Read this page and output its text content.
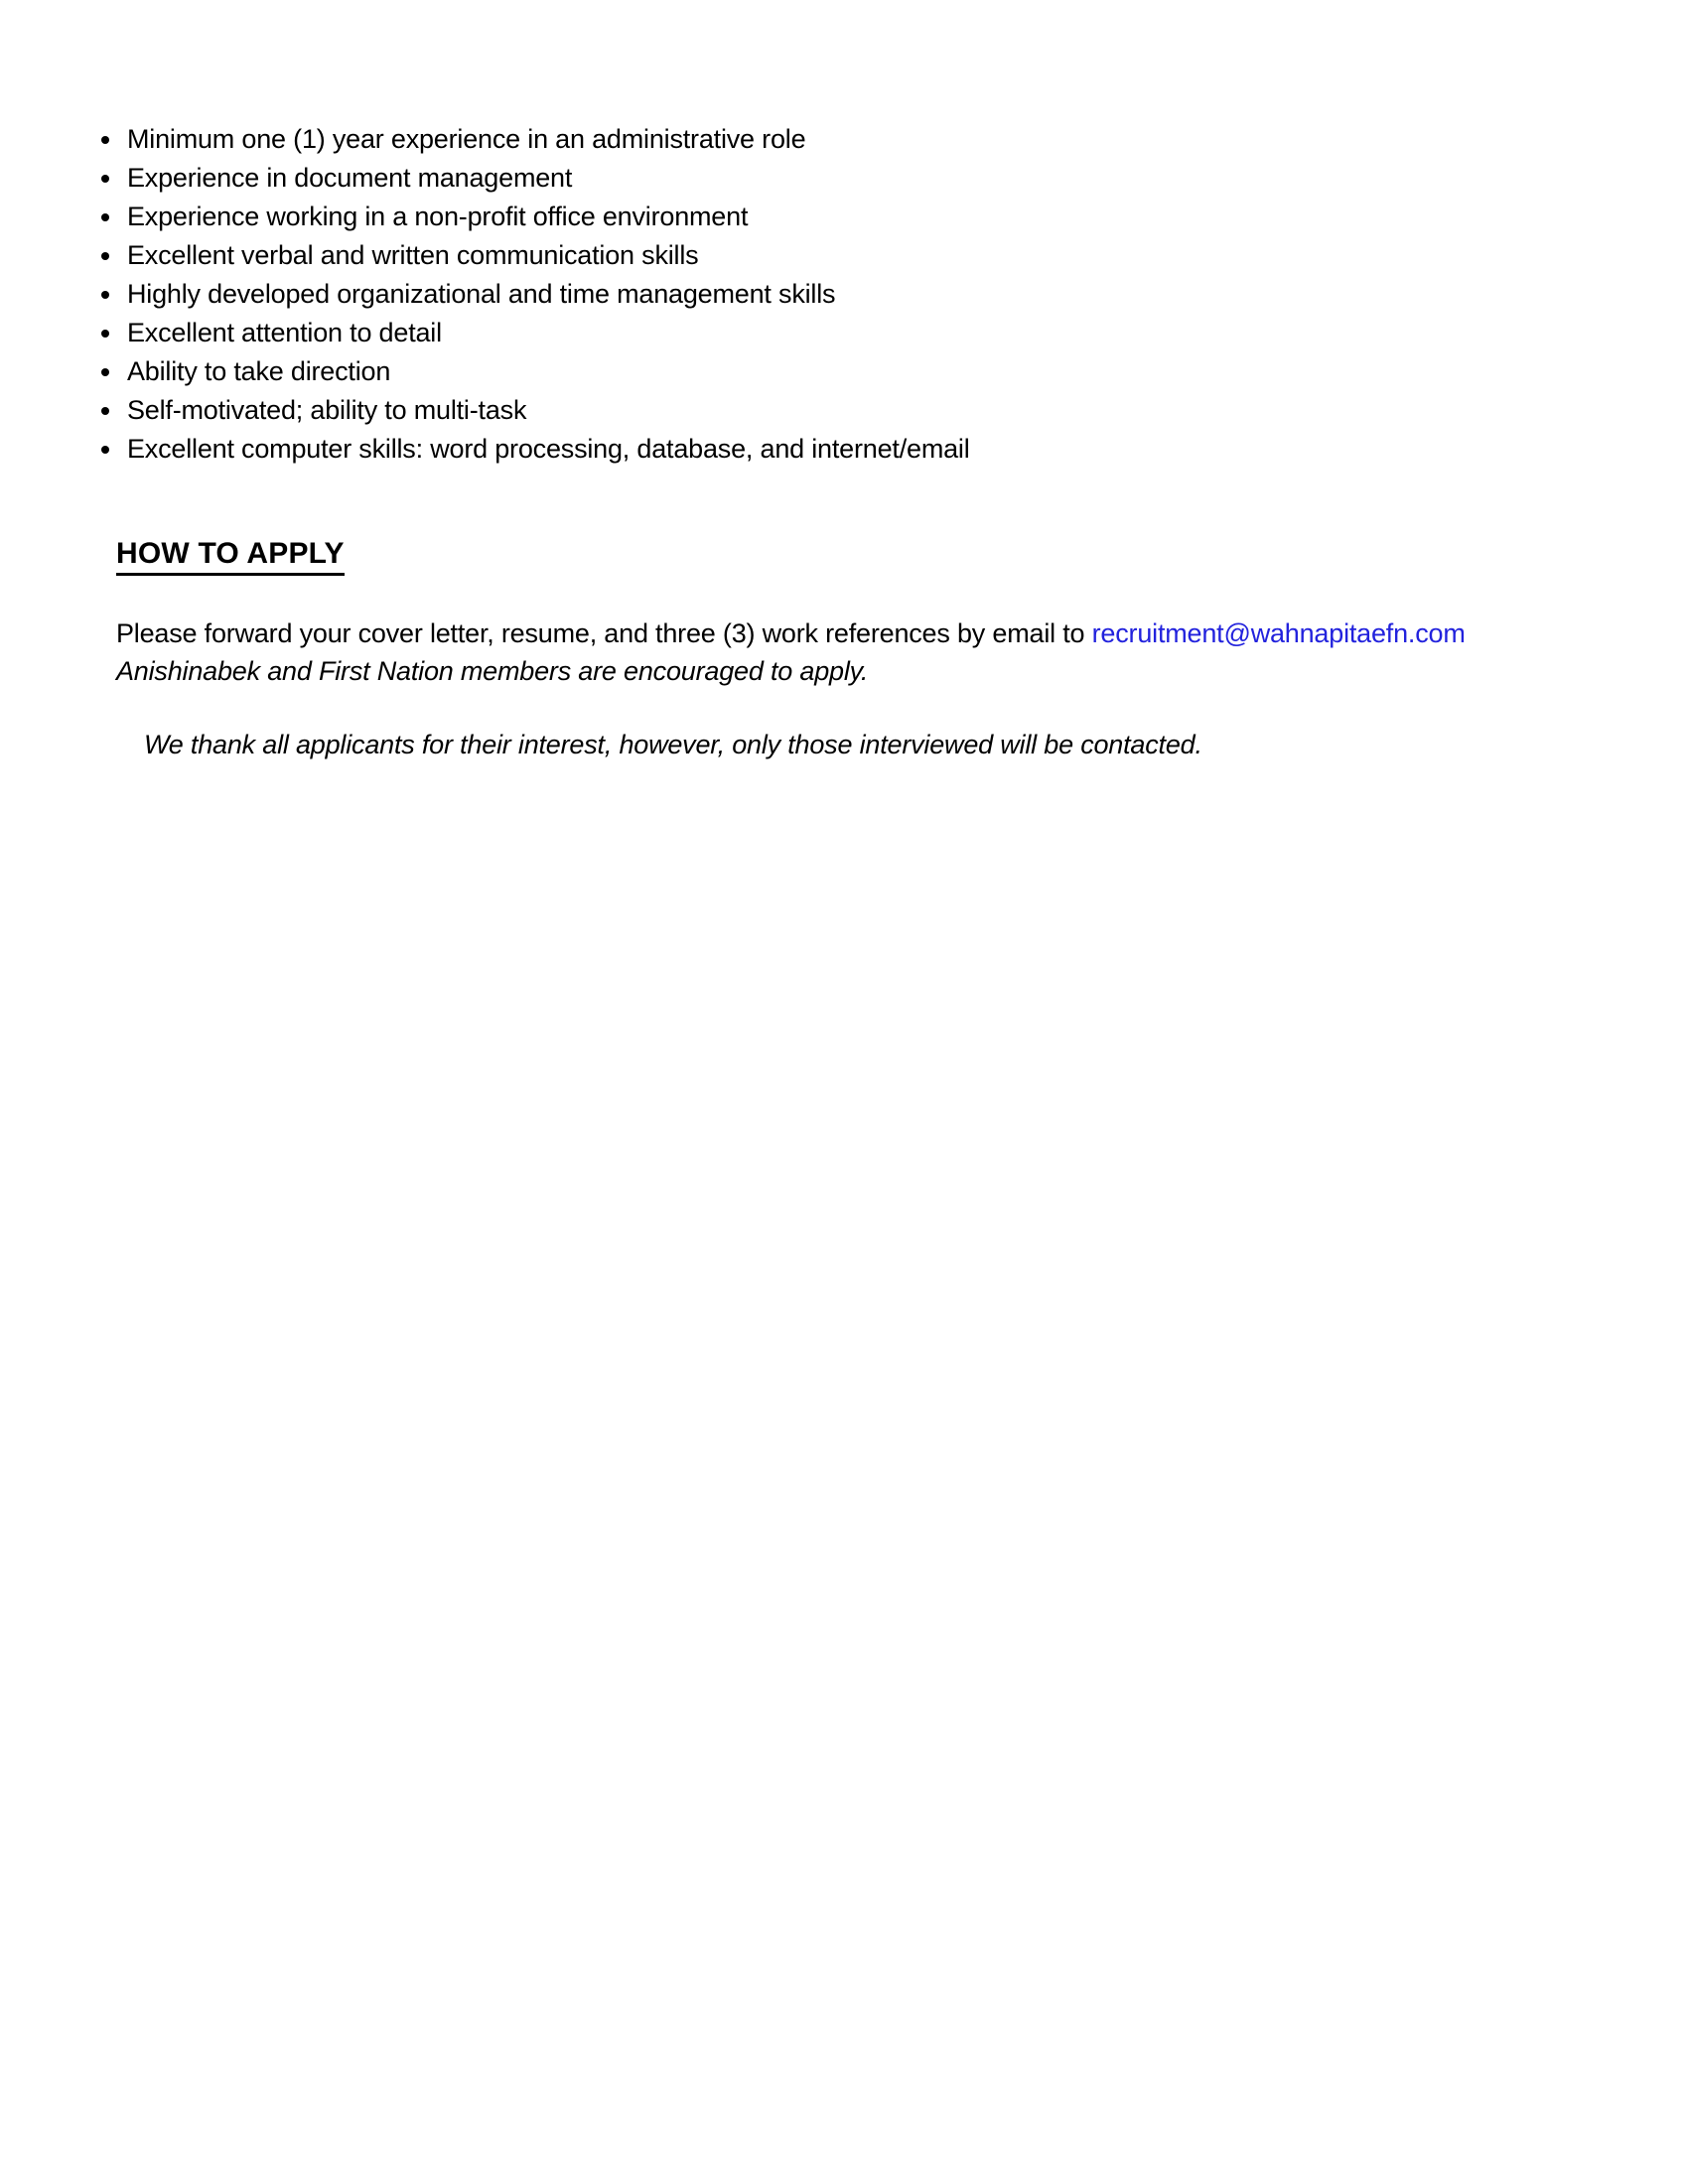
Minimum one (1) year experience in an administrative role
Experience in document management
Experience working in a non-profit office environment
Excellent verbal and written communication skills
Highly developed organizational and time management skills
Excellent attention to detail
Ability to take direction
Self-motivated; ability to multi-task
Excellent computer skills: word processing, database, and internet/email
HOW TO APPLY
Please forward your cover letter, resume, and three (3) work references by email to recruitment@wahnapitaefn.com
Anishinabek and First Nation members are encouraged to apply.
We thank all applicants for their interest, however, only those interviewed will be contacted.
